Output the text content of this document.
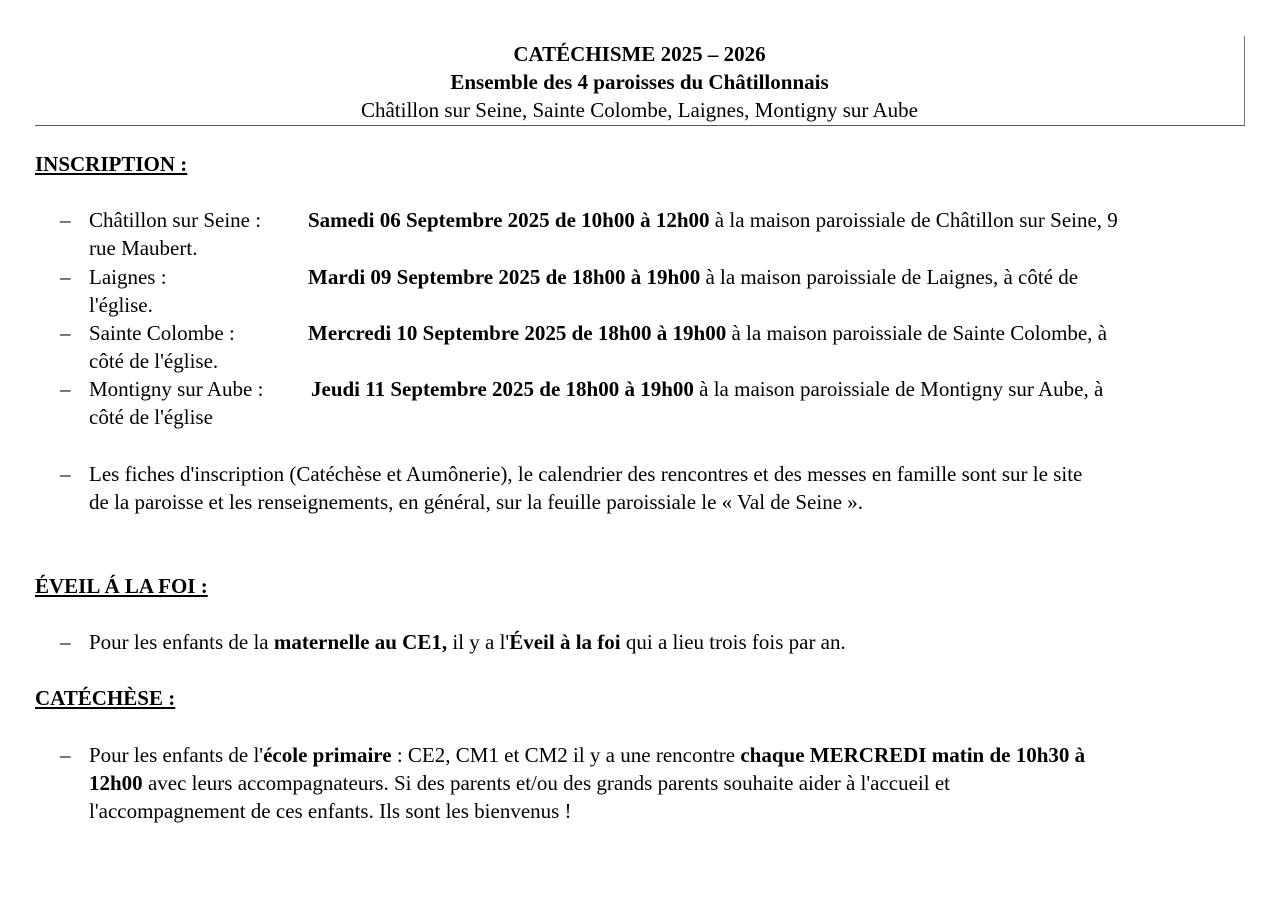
CATÉCHISME 2025 – 2026
Ensemble des 4 paroisses du Châtillonnais
Châtillon sur Seine, Sainte Colombe, Laignes, Montigny sur Aube
INSCRIPTION :
– Châtillon sur Seine : Samedi 06 Septembre 2025 de 10h00 à 12h00 à la maison paroissiale de Châtillon sur Seine, 9
rue Maubert.
– Laignes :	Mardi 09 Septembre 2025 de 18h00 à 19h00 à la maison paroissiale de Laignes, à côté de
l'église.
– Sainte Colombe :	Mercredi 10 Septembre 2025 de 18h00 à 19h00 à la maison paroissiale de Sainte Colombe, à
côté de l'église.
– Montigny sur Aube : Jeudi 11 Septembre 2025 de 18h00 à 19h00 à la maison paroissiale de Montigny sur Aube, à
côté de l'église
– Les fiches d'inscription (Catéchèse et Aumônerie), le calendrier des rencontres et des messes en famille sont sur le site
de la paroisse et les renseignements, en général, sur la feuille paroissiale le « Val de Seine ».
ÉVEIL Á LA FOI :
– Pour les enfants de la maternelle au CE1, il y a l'Éveil à la foi qui a lieu trois fois par an.
CATÉCHÈSE :
– Pour les enfants de l'école primaire : CE2, CM1 et CM2 il y a une rencontre chaque MERCREDI matin de 10h30 à
12h00 avec leurs accompagnateurs. Si des parents et/ou des grands parents souhaite aider à l'accueil et
l'accompagnement de ces enfants. Ils sont les bienvenus !
